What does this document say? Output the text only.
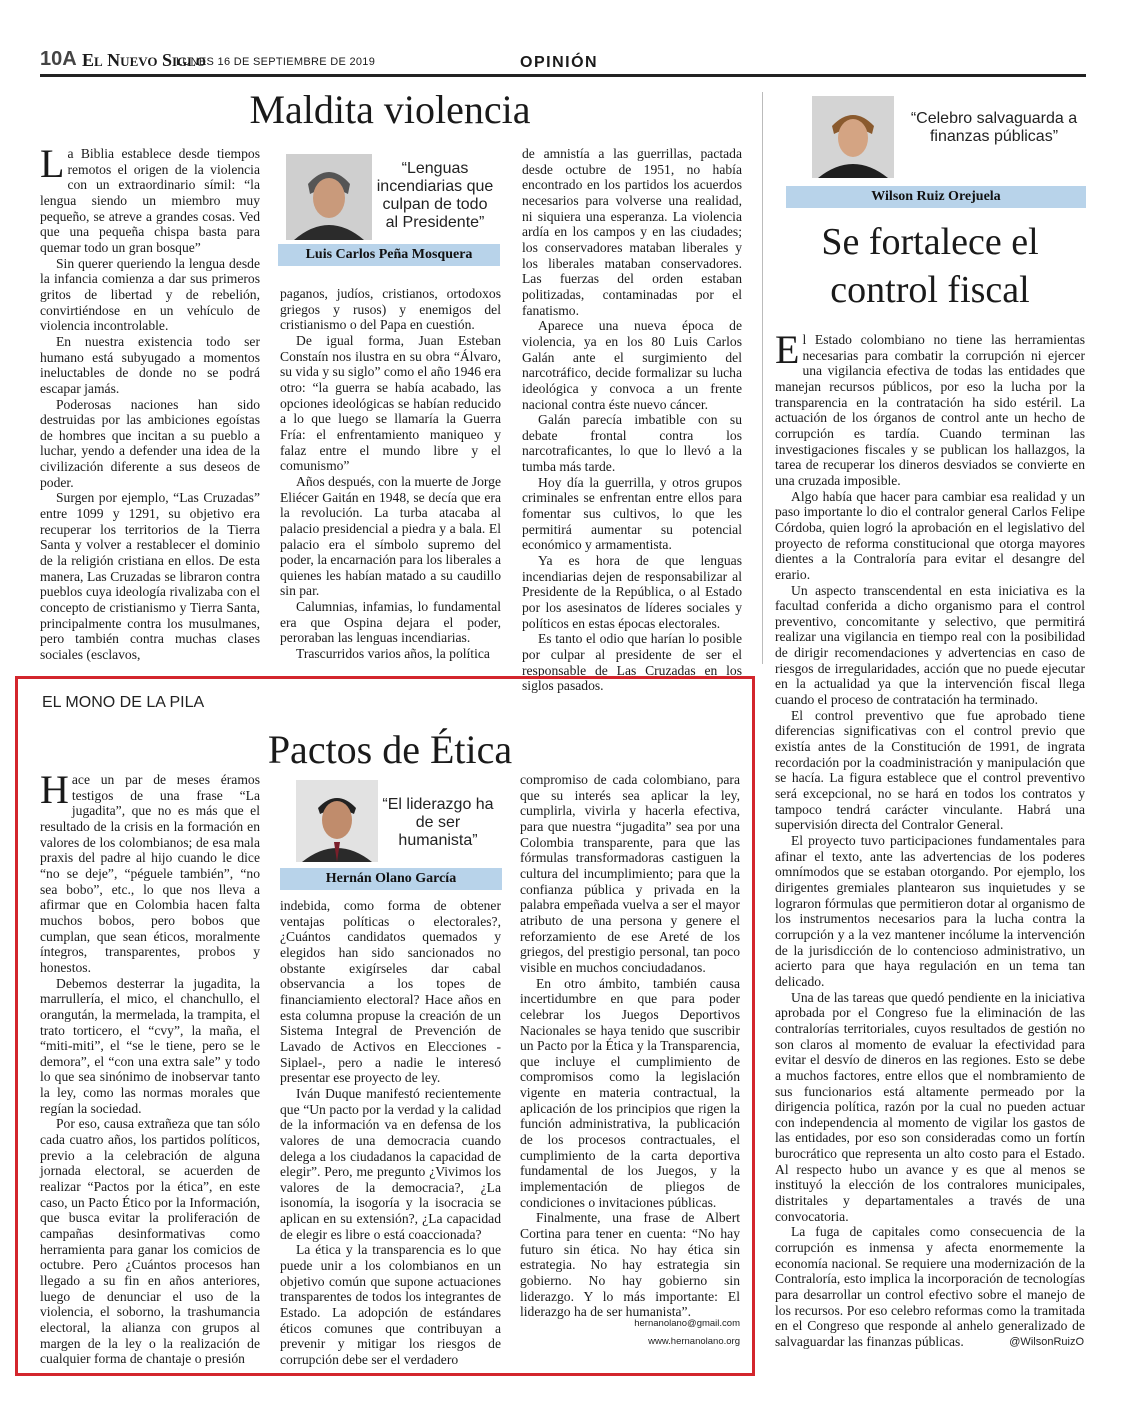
10A El Nuevo Siglo
LUNES 16 DE SEPTIEMBRE DE 2019	OPINIÓN
Maldita violencia

La Biblia establece desde tiempos remotos el origen de la violencia con un extraordinario símil: “la lengua siendo un miembro muy pequeño, se atreve a grandes cosas. Ved que una pequeña chispa basta para quemar todo un gran bosque”

Sin querer queriendo la lengua desde la infancia comienza a dar sus primeros gritos de libertad y de rebelión, convirtiéndose en un vehículo de violencia incontrolable.

En nuestra existencia todo ser humano está subyugado a momentos ineluctables de donde no se podrá escapar jamás.

Poderosas naciones han sido destruidas por las ambiciones egoístas de hombres que incitan a su pueblo a luchar, yendo a defender una idea de la civilización diferente a sus deseos de poder.

Surgen por ejemplo, “Las Cruzadas” entre 1099 y 1291, su objetivo era recuperar los territorios de la Tierra Santa y volver a restablecer el dominio de la religión cristiana en ellos. De esta manera, Las Cruzadas se libraron contra pueblos cuya ideología rivalizaba con el concepto de cristianismo y Tierra Santa, principalmente contra los musulmanes, pero también contra muchas clases sociales (esclavos,

“Lenguas incendiarias que culpan de todo al Presidente”
Luis Carlos Peña Mosquera

paganos, judíos, cristianos, ortodoxos griegos y rusos) y enemigos del cristianismo o del Papa en cuestión.

De igual forma, Juan Esteban Constaín nos ilustra en su obra “Álvaro, su vida y su siglo” como el año 1946 era otro: “la guerra se había acabado, las opciones ideológicas se habían reducido a lo que luego se llamaría la Guerra Fría: el enfrentamiento maniqueo y falaz entre el mundo libre y el comunismo”

Años después, con la muerte de Jorge Eliécer Gaitán en 1948, se decía que era la revolución. La turba atacaba al palacio presidencial a piedra y a bala. El palacio era el símbolo supremo del poder, la encarnación para los liberales a quienes les habían matado a su caudillo sin par.

Calumnias, infamias, lo fundamental era que Ospina dejara el poder, peroraban las lenguas incendiarias.

Trascurridos varios años, la política

de amnistía a las guerrillas, pactada desde octubre de 1951, no había encontrado en los partidos los acuerdos necesarios para volverse una realidad, ni siquiera una esperanza. La violencia ardía en los campos y en las ciudades; los conservadores mataban liberales y los liberales mataban conservadores. Las fuerzas del orden estaban politizadas, contaminadas por el fanatismo.

Aparece una nueva época de violencia, ya en los 80 Luis Carlos Galán ante el surgimiento del narcotráfico, decide formalizar su lucha ideológica y convoca a un frente nacional contra éste nuevo cáncer.

Galán parecía imbatible con su debate frontal contra los narcotraficantes, lo que lo llevó a la tumba más tarde.

Hoy día la guerrilla, y otros grupos criminales se enfrentan entre ellos para fomentar sus cultivos, lo que les permitirá aumentar su potencial económico y armamentista.

Ya es hora de que lenguas incendiarias dejen de responsabilizar al Presidente de la República, o al Estado por los asesinatos de líderes sociales y políticos en estas épocas electorales.

Es tanto el odio que harían lo posible por culpar al presidente de ser el responsable de Las Cruzadas en los siglos pasados.

“Celebro salvaguarda a finanzas públicas”
Wilson Ruiz Orejuela
Se fortalece el
control fiscal

El Estado colombiano no tiene las herramientas necesarias para combatir la corrupción ni ejercer una vigilancia efectiva de todas las entidades que manejan recursos públicos, por eso la lucha por la transparencia en la contratación ha sido estéril. La actuación de los órganos de control ante un hecho de corrupción es tardía. Cuando terminan las investigaciones fiscales y se publican los hallazgos, la tarea de recuperar los dineros desviados se convierte en una cruzada imposible.

Algo había que hacer para cambiar esa realidad y un paso importante lo dio el contralor general Carlos Felipe Córdoba, quien logró la aprobación en el legislativo del proyecto de reforma constitucional que otorga mayores dientes a la Contraloría para evitar el desangre del erario.

Un aspecto transcendental en esta iniciativa es la facultad conferida a dicho organismo para el control preventivo, concomitante y selectivo, que permitirá realizar una vigilancia en tiempo real con la posibilidad de dirigir recomendaciones y advertencias en caso de riesgos de irregularidades, acción que no puede ejecutar en la actualidad ya que la intervención fiscal llega cuando el proceso de contratación ha terminado.

El control preventivo que fue aprobado tiene diferencias significativas con el control previo que existía antes de la Constitución de 1991, de ingrata recordación por la coadministración y manipulación que se hacía. La figura establece que el control preventivo será excepcional, no se hará en todos los contratos y tampoco tendrá carácter vinculante. Habrá una supervisión directa del Contralor General.

El proyecto tuvo participaciones fundamentales para afinar el texto, ante las advertencias de los poderes omnímodos que se estaban otorgando. Por ejemplo, los dirigentes gremiales plantearon sus inquietudes y se lograron fórmulas que permitieron dotar al organismo de los instrumentos necesarios para la lucha contra la corrupción y a la vez mantener incólume la intervención de la jurisdicción de lo contencioso administrativo, un acierto para que haya regulación en un tema tan delicado.

Una de las tareas que quedó pendiente en la iniciativa aprobada por el Congreso fue la eliminación de las contralorías territoriales, cuyos resultados de gestión no son claros al momento de evaluar la efectividad para evitar el desvío de dineros en las regiones. Esto se debe a muchos factores, entre ellos que el nombramiento de sus funcionarios está altamente permeado por la dirigencia política, razón por la cual no pueden actuar con independencia al momento de vigilar los gastos de las entidades, por eso son consideradas como un fortín burocrático que representa un alto costo para el Estado. Al respecto hubo un avance y es que al menos se instituyó la elección de los contralores municipales, distritales y departamentales a través de una convocatoria.

La fuga de capitales como consecuencia de la corrupción es inmensa y afecta enormemente la economía nacional. Se requiere una modernización de la Contraloría, esto implica la incorporación de tecnologías para desarrollar un control efectivo sobre el manejo de los recursos. Por eso celebro reformas como la tramitada en el Congreso que responde al anhelo generalizado de salvaguardar las finanzas públicas.	@WilsonRuizO
EL MONO DE LA PILA
Pactos de Ética

Hace un par de meses éramos testigos de una frase “La jugadita”, que no es más que el resultado de la crisis en la formación en valores de los colombianos; de esa mala praxis del padre al hijo cuando le dice “no se deje”, “péguele también”, “no sea bobo”, etc., lo que nos lleva a afirmar que en Colombia hacen falta muchos bobos, pero bobos que cumplan, que sean éticos, moralmente íntegros, transparentes, probos y honestos.

Debemos desterrar la jugadita, la marrullería, el mico, el chanchullo, el orangután, la mermelada, la trampita, el trato torticero, el “cvy”, la maña, el “miti-miti”, el “se le tiene, pero se le demora”, el “con una extra sale” y todo lo que sea sinónimo de inobservar tanto la ley, como las normas morales que regían la sociedad.

Por eso, causa extrañeza que tan sólo cada cuatro años, los partidos políticos, previo a la celebración de alguna jornada electoral, se acuerden de realizar “Pactos por la ética”, en este caso, un Pacto Ético por la Información, que busca evitar la proliferación de campañas desinformativas como herramienta para ganar los comicios de octubre. Pero ¿Cuántos procesos han llegado a su fin en años anteriores, luego de denunciar el uso de la violencia, el soborno, la trashumancia electoral, la alianza con grupos al margen de la ley o la realización de cualquier forma de chantaje o presión

“El liderazgo ha de ser humanista”
Hernán Olano García

indebida, como forma de obtener ventajas políticas o electorales?, ¿Cuántos candidatos quemados y elegidos han sido sancionados no obstante exigírseles dar cabal observancia a los topes de financiamiento electoral? Hace años en esta columna propuse la creación de un Sistema Integral de Prevención de Lavado de Activos en Elecciones -Siplael-, pero a nadie le interesó presentar ese proyecto de ley.

Iván Duque manifestó recientemente que “Un pacto por la verdad y la calidad de la información va en defensa de los valores de una democracia cuando delega a los ciudadanos la capacidad de elegir”. Pero, me pregunto ¿Vivimos los valores de la democracia?, ¿La isonomía, la isogoría y la isocracia se aplican en su extensión?, ¿La capacidad de elegir es libre o está coaccionada?

La ética y la transparencia es lo que puede unir a los colombianos en un objetivo común que supone actuaciones transparentes de todos los integrantes de Estado. La adopción de estándares éticos comunes que contribuyan a prevenir y mitigar los riesgos de corrupción debe ser el verdadero

compromiso de cada colombiano, para que su interés sea aplicar la ley, cumplirla, vivirla y hacerla efectiva, para que nuestra “jugadita” sea por una Colombia transparente, para que las fórmulas transformadoras castiguen la cultura del incumplimiento; para que la confianza pública y privada en la palabra empeñada vuelva a ser el mayor atributo de una persona y genere el reforzamiento de ese Areté de los griegos, del prestigio personal, tan poco visible en muchos conciudadanos.

En otro ámbito, también causa incertidumbre en que para poder celebrar los Juegos Deportivos Nacionales se haya tenido que suscribir un Pacto por la Ética y la Transparencia, que incluye el cumplimiento de compromisos como la legislación vigente en materia contractual, la aplicación de los principios que rigen la función administrativa, la publicación de los procesos contractuales, el cumplimiento de la carta deportiva fundamental de los Juegos, y la implementación de pliegos de condiciones o invitaciones públicas.

Finalmente, una frase de Albert Cortina para tener en cuenta: “No hay futuro sin ética. No hay ética sin estrategia. No hay estrategia sin gobierno. No hay gobierno sin liderazgo. Y lo más importante: El liderazgo ha de ser humanista”.

hernanolano@gmail.com
www.hernanolano.org
